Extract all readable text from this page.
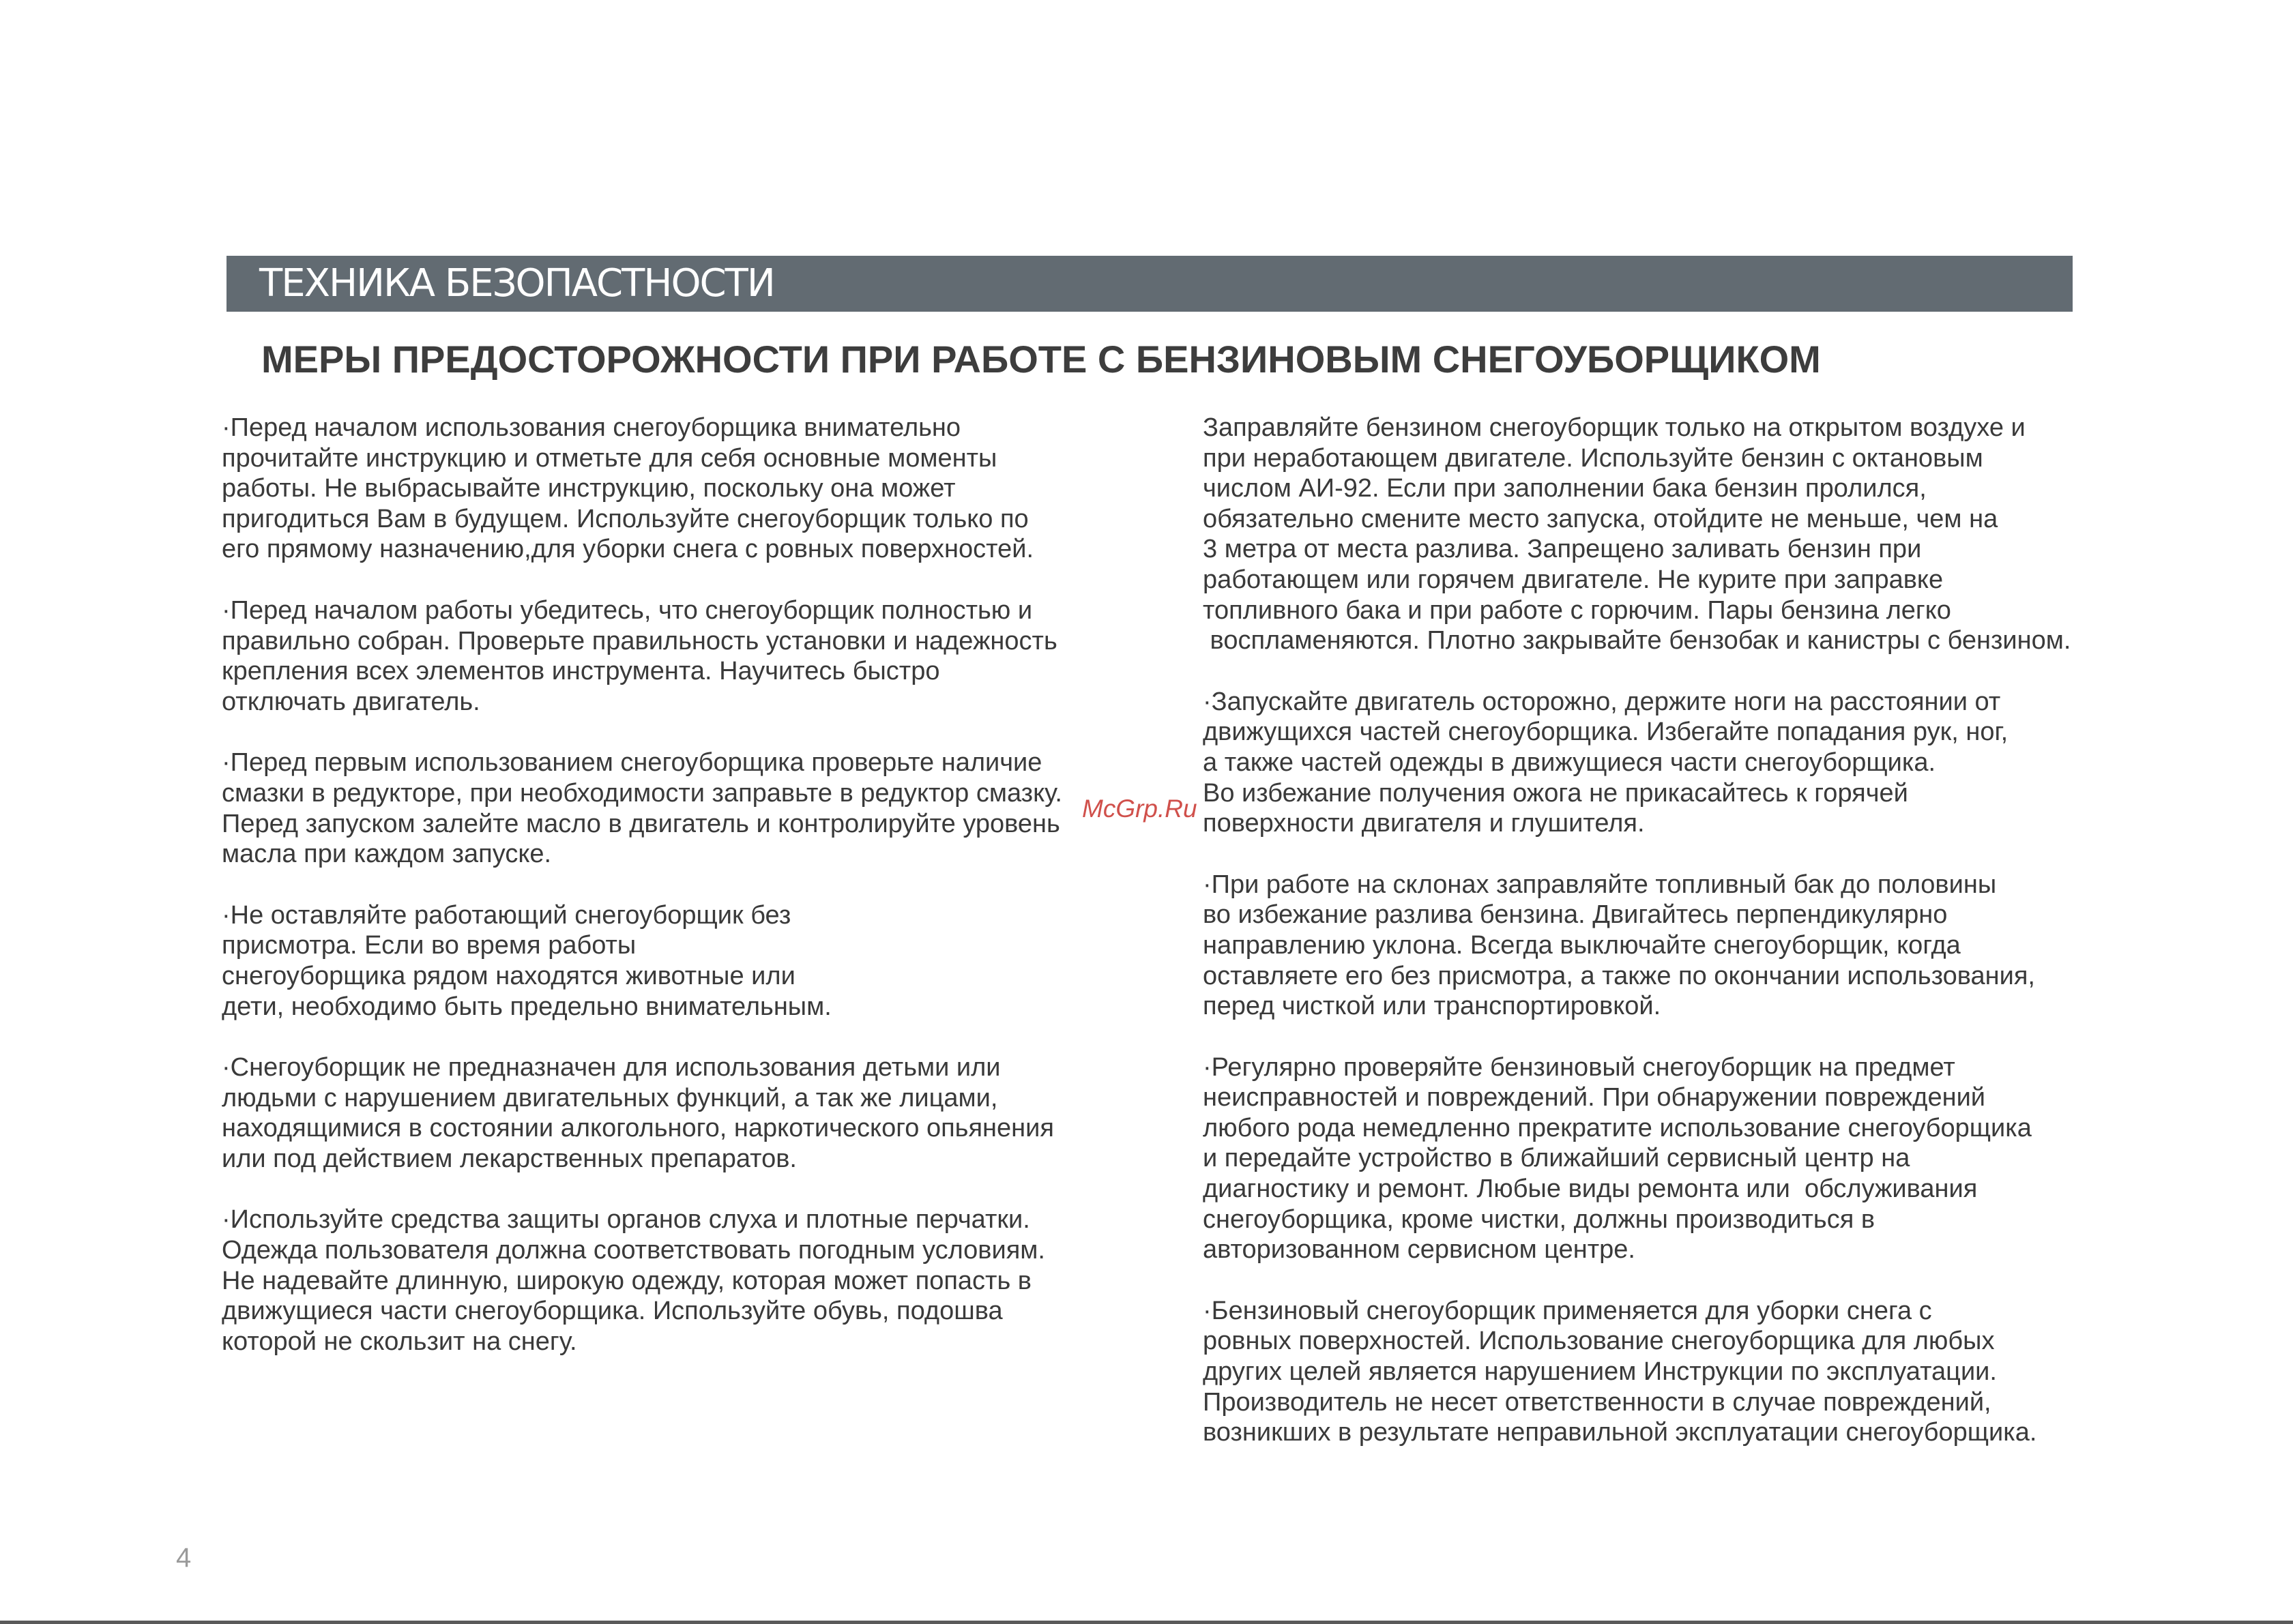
ТЕХНИКА БЕЗОПАСТНОСТИ
МЕРЫ ПРЕДОСТОРОЖНОСТИ ПРИ РАБОТЕ С БЕНЗИНОВЫМ СНЕГОУБОРЩИКОМ
·Перед началом использования снегоуборщика внимательно
прочитайте инструкцию и отметьте для себя основные моменты
работы. Не выбрасывайте инструкцию, поскольку она может
пригодиться Вам в будущем. Используйте снегоуборщик только по
его прямому назначению,для уборки снега с ровных поверхностей.
·Перед началом работы убедитесь, что снегоуборщик полностью и
правильно собран. Проверьте правильность установки и надежность
крепления всех элементов инструмента. Научитесь быстро
отключать двигатель.
·Перед первым использованием снегоуборщика проверьте наличие
смазки в редукторе, при необходимости заправьте в редуктор смазку.
Перед запуском залейте масло в двигатель и контролируйте уровень
масла при каждом запуске.
·Не оставляйте работающий снегоуборщик без
присмотра. Если во время работы
снегоуборщика рядом находятся животные или
дети, необходимо быть предельно внимательным.
·Снегоуборщик не предназначен для использования детьми или
людьми с нарушением двигательных функций, а так же лицами,
находящимися в состоянии алкогольного, наркотического опьянения
или под действием лекарственных препаратов.
·Используйте средства защиты органов слуха и плотные перчатки.
Одежда пользователя должна соответствовать погодным условиям.
Не надевайте длинную, широкую одежду, которая может попасть в
движущиеся части снегоуборщика. Используйте обувь, подошва
которой не скользит на снегу.
Заправляйте бензином снегоуборщик только на открытом воздухе и
при неработающем двигателе. Используйте бензин с октановым
числом АИ-92. Если при заполнении бака бензин пролился,
обязательно смените место запуска, отойдите не меньше, чем на
3 метра от места разлива. Запрещено заливать бензин при
работающем или горячем двигателе. Не курите при заправке
топливного бака и при работе с горючим. Пары бензина легко
воспламеняются. Плотно закрывайте бензобак и канистры с бензином.
·Запускайте двигатель осторожно, держите ноги на расстоянии от
движущихся частей снегоуборщика. Избегайте попадания рук, ног,
а также частей одежды в движущиеся части снегоуборщика.
Во избежание получения ожога не прикасайтесь к горячей
поверхности двигателя и глушителя.
·При работе на склонах заправляйте топливный бак до половины
во избежание разлива бензина. Двигайтесь перпендикулярно
направлению уклона. Всегда выключайте снегоуборщик, когда
оставляете его без присмотра, а также по окончании использования,
перед чисткой или транспортировкой.
·Регулярно проверяйте бензиновый снегоуборщик на предмет
неисправностей и повреждений. При обнаружении повреждений
любого рода немедленно прекратите использование снегоуборщика
и передайте устройство в ближайший сервисный центр на
диагностику и ремонт. Любые виды ремонта или  обслуживания
снегоуборщика, кроме чистки, должны производиться в
авторизованном сервисном центре.
·Бензиновый снегоуборщик применяется для уборки снега с
ровных поверхностей. Использование снегоуборщика для любых
других целей является нарушением Инструкции по эксплуатации.
Производитель не несет ответственности в случае повреждений,
возникших в результате неправильной эксплуатации снегоуборщика.
McGrp.Ru
4
